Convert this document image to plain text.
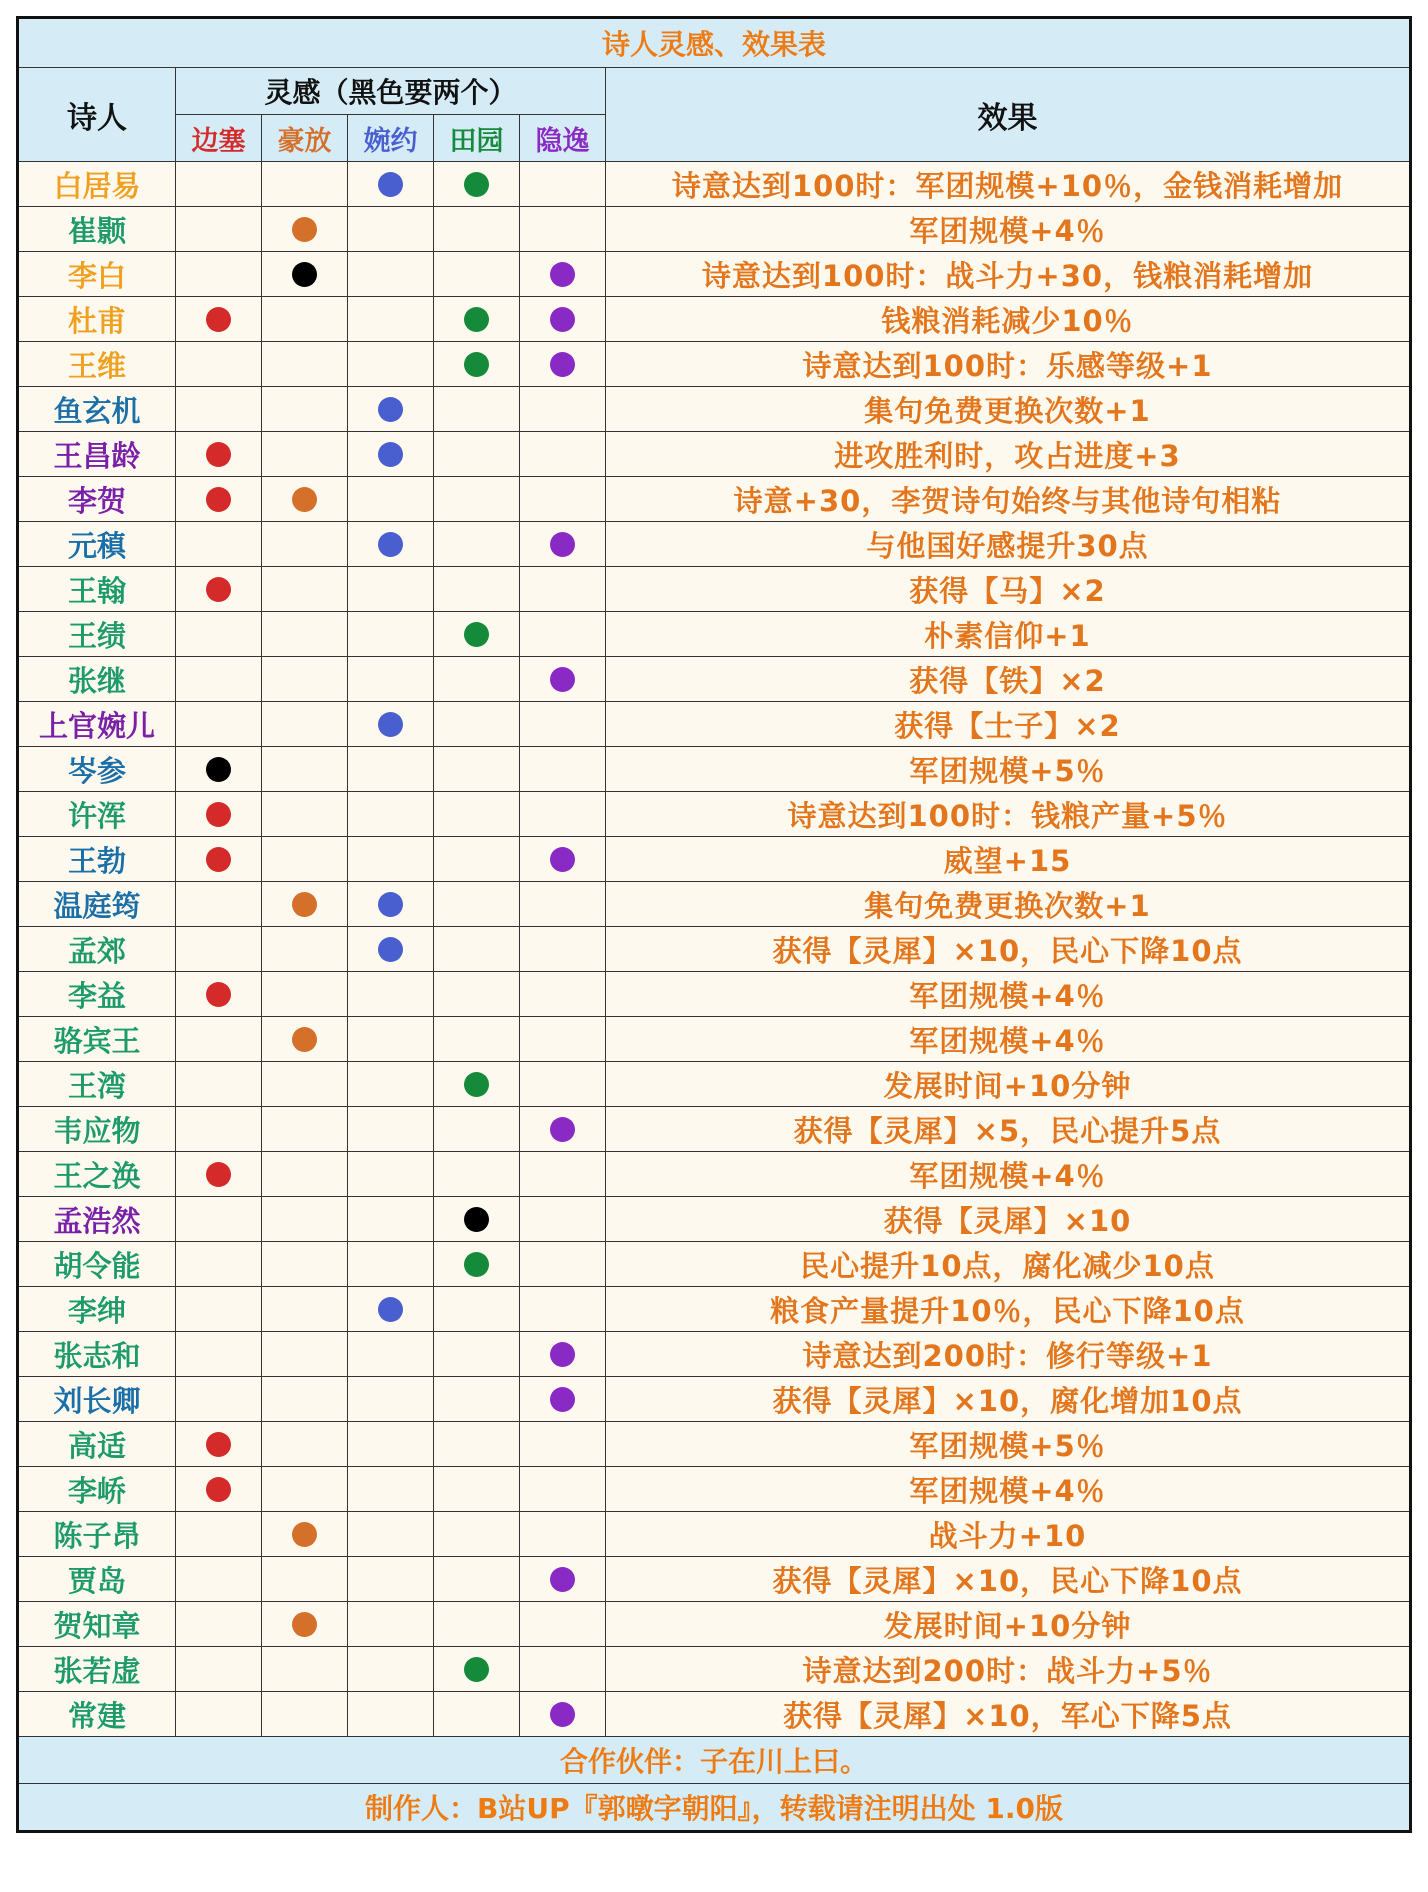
诗人灵感、效果表						
诗人	灵感（黑色要两个）					效果
	边塞	豪放	婉约	田园	隐逸	
白居易						诗意达到100时：军团规模+10％，金钱消耗增加
崔颢						军团规模+4％
李白						诗意达到100时：战斗力+30，钱粮消耗增加
杜甫						钱粮消耗减少10％
王维						诗意达到100时：乐感等级+1
鱼玄机						集句免费更换次数+1
王昌龄						进攻胜利时，攻占进度+3
李贺						诗意+30，李贺诗句始终与其他诗句相粘
元稹						与他国好感提升30点
王翰						获得【马】×2
王绩						朴素信仰+1
张继						获得【铁】×2
上官婉儿						获得【士子】×2
岑参						军团规模+5％
许浑						诗意达到100时：钱粮产量+5％
王勃						威望+15
温庭筠						集句免费更换次数+1
孟郊						获得【灵犀】×10，民心下降10点
李益						军团规模+4％
骆宾王						军团规模+4％
王湾						发展时间+10分钟
韦应物						获得【灵犀】×5，民心提升5点
王之涣						军团规模+4％
孟浩然						获得【灵犀】×10
胡令能						民心提升10点，腐化减少10点
李绅						粮食产量提升10％，民心下降10点
张志和						诗意达到200时：修行等级+1
刘长卿						获得【灵犀】×10，腐化增加10点
高适						军团规模+5％
李峤						军团规模+4％
陈子昂						战斗力+10
贾岛						获得【灵犀】×10，民心下降10点
贺知章						发展时间+10分钟
张若虚						诗意达到200时：战斗力+5％
常建						获得【灵犀】×10，军心下降5点
合作伙伴：子在川上曰。						
制作人：B站UP『郭暾字朝阳』，转载请注明出处 1.0版						
